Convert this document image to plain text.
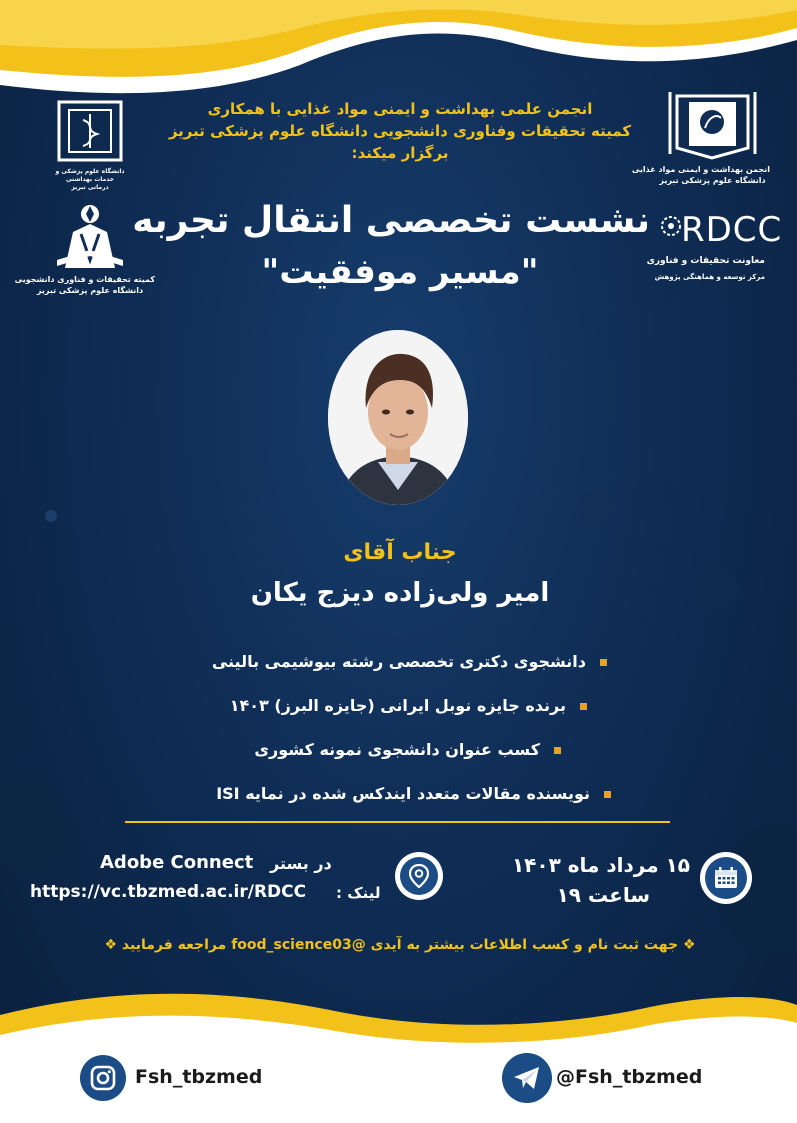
انجمن علمی بهداشت و ایمنی مواد غذایی با همکاری
کمیته تحقیقات وفناوری دانشجویی دانشگاه علوم پزشکی تبریز
برگزار میکند:
دانشگاه علوم پزشکی و خدمات بهداشتی درمانی تبریز
کمیته تحقیقات و فناوری دانشجویی
دانشگاه علوم پزشکی تبریز
انجمن بهداشت و ایمنی مواد غذایی
دانشگاه علوم پزشکی تبریز
RDCC
معاونت تحقیقات و فناوری
مرکز توسعه و هماهنگی پژوهش
نشست تخصصی انتقال تجربه
"مسیر موفقیت"
جناب آقای
امیر ولی‌زاده دیزج یکان
دانشجوی دکتری تخصصی رشته بیوشیمی بالینی
برنده جایزه نوبل ایرانی (جایزه البرز) ۱۴۰۳
کسب عنوان دانشجوی نمونه کشوری
نویسنده مقالات متعدد ایندکس شده در نمایه ISI
در بستر
Adobe Connect
https://vc.tbzmed.ac.ir/RDCC لینک :
۱۵ مرداد ماه ۱۴۰۳
ساعت ۱۹
❖ جهت ثبت نام و کسب اطلاعات بیشتر به آیدی @food_science03 مراجعه فرمایید ❖
Fsh_tbzmed	@Fsh_tbzmed
